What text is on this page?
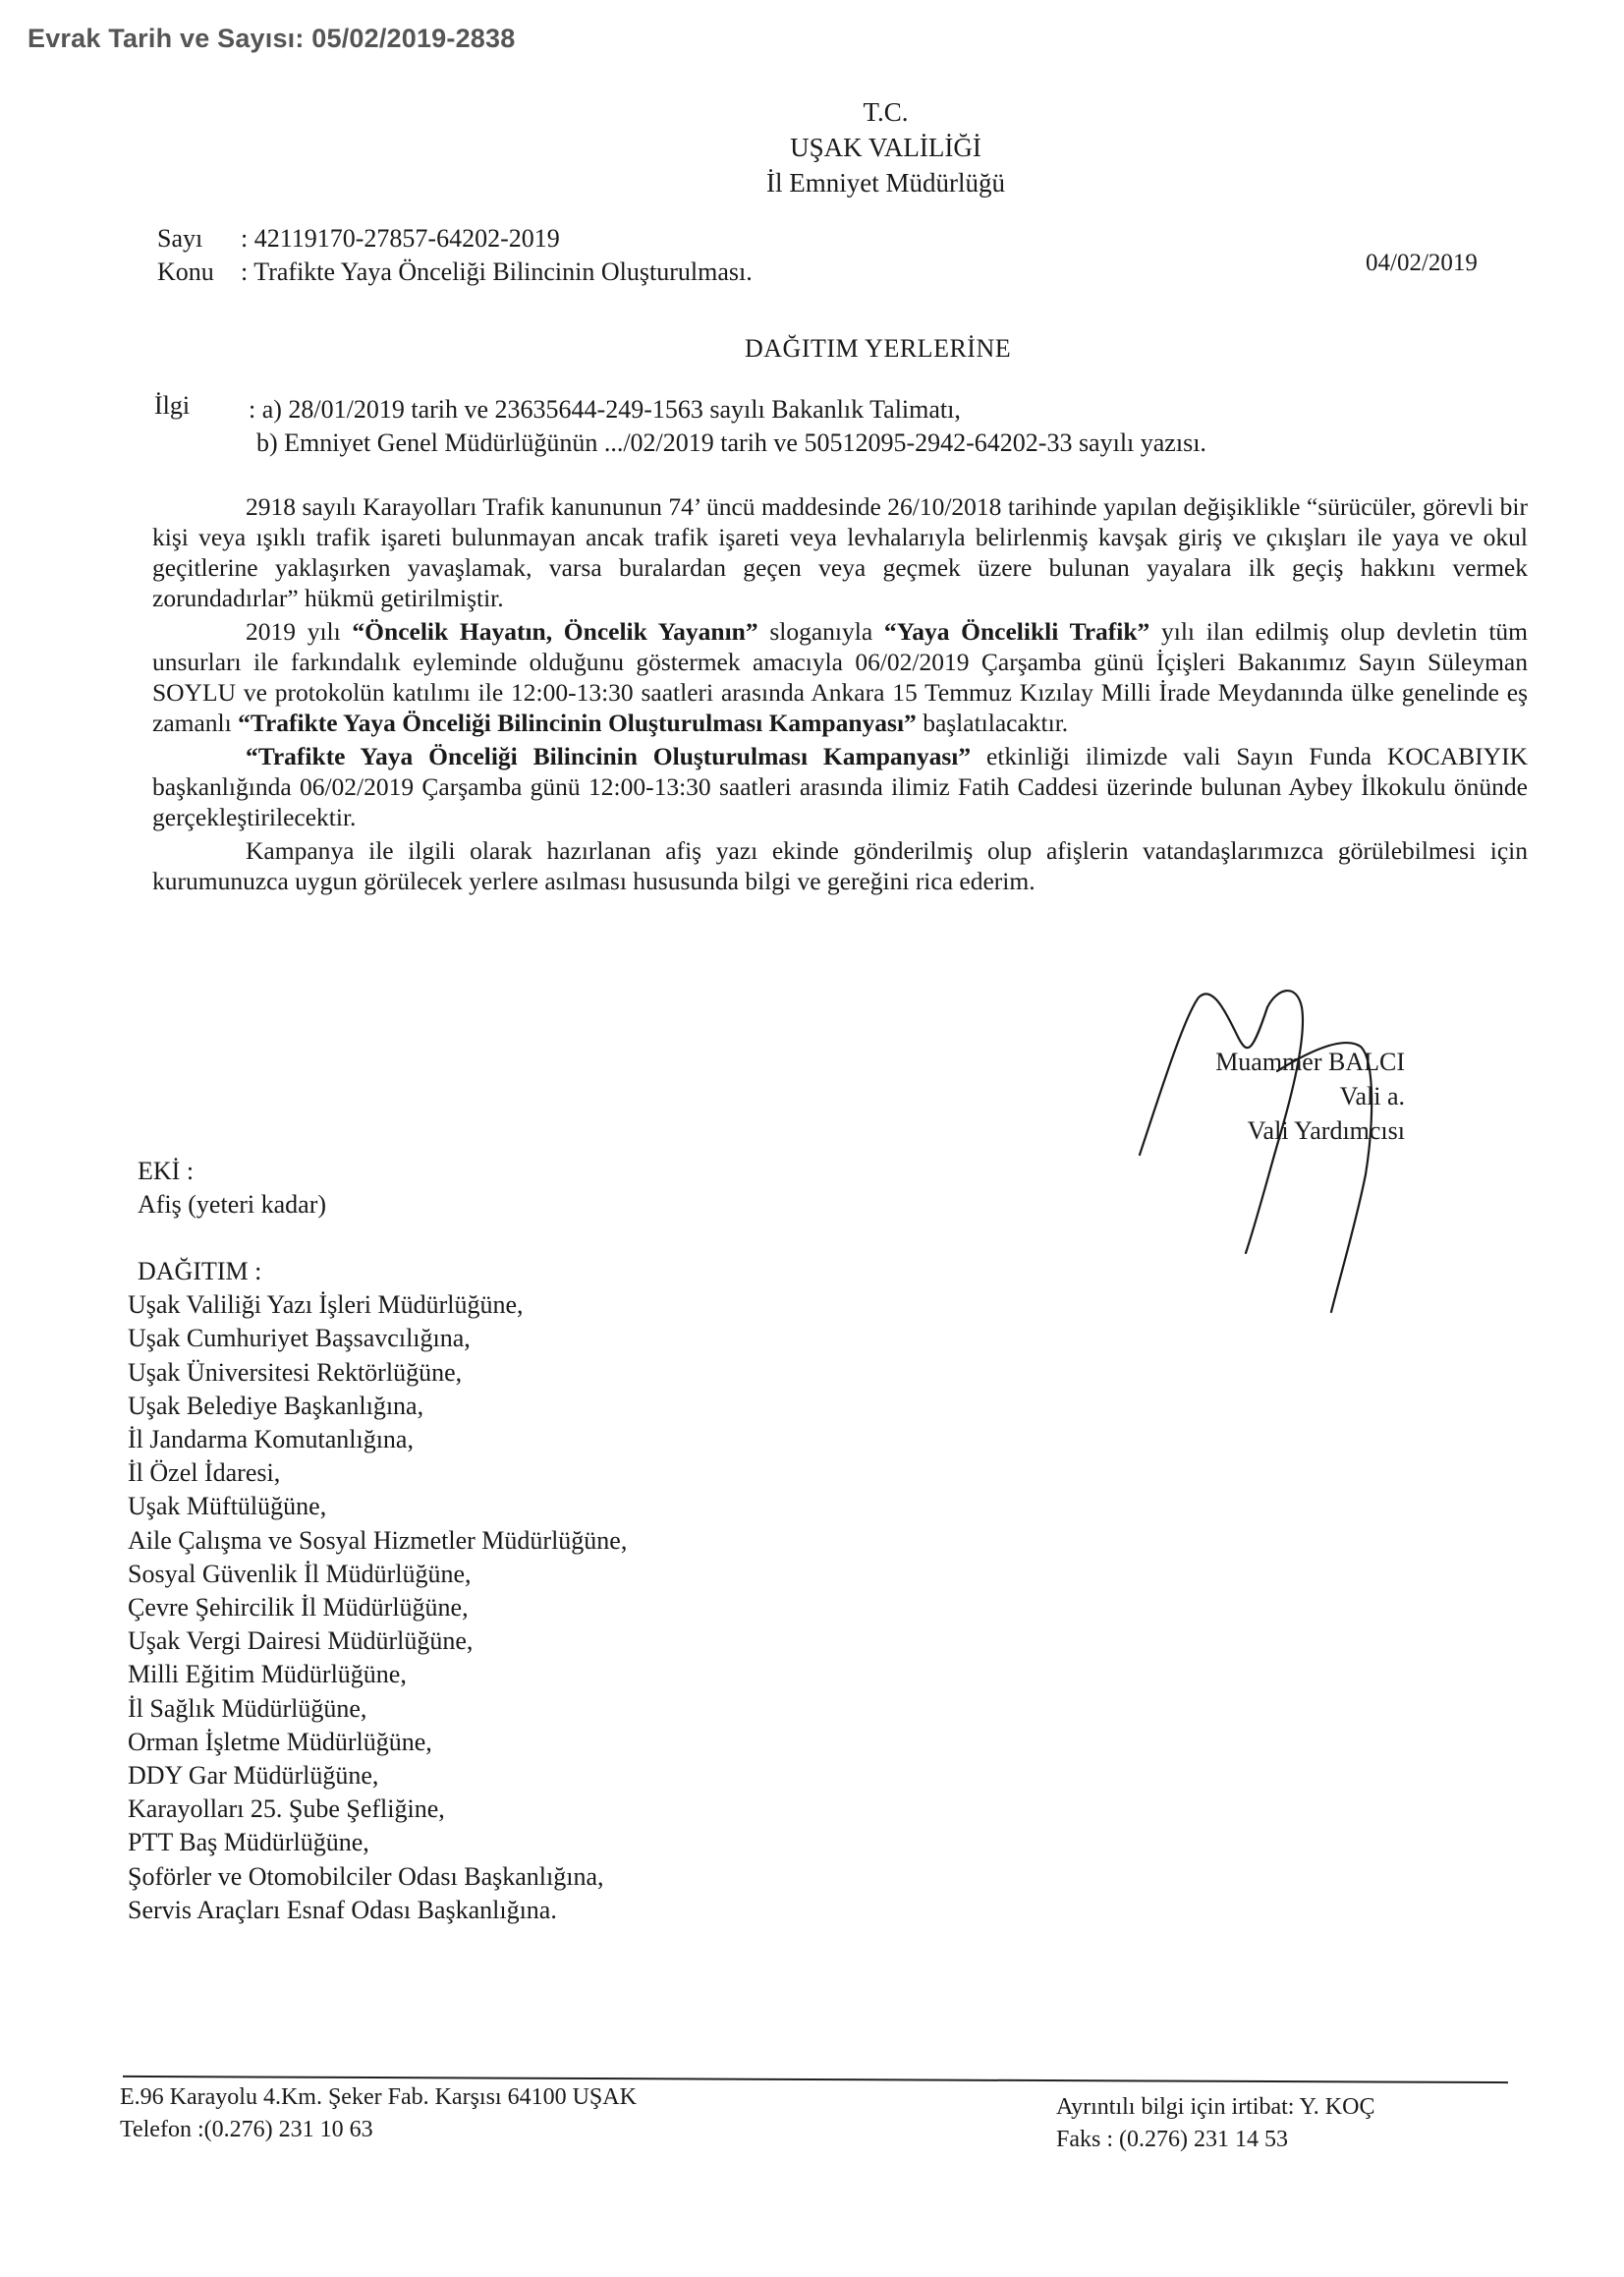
Evrak Tarih ve Sayısı: 05/02/2019-2838
T.C.
UŞAK VALİLİĞİ
İl Emniyet Müdürlüğü
Sayı : 42119170-27857-64202-2019
Konu : Trafikte Yaya Önceliği Bilincinin Oluşturulması.	04/02/2019
DAĞITIM YERLERİNE
İlgi : a) 28/01/2019 tarih ve 23635644-249-1563 sayılı Bakanlık Talimatı,
b) Emniyet Genel Müdürlüğünün .../02/2019 tarih ve 50512095-2942-64202-33 sayılı yazısı.

2918 sayılı Karayolları Trafik kanununun 74’ üncü maddesinde 26/10/2018 tarihinde yapılan değişiklikle “sürücüler, görevli bir kişi veya ışıklı trafik işareti bulunmayan ancak trafik işareti veya levhalarıyla belirlenmiş kavşak giriş ve çıkışları ile yaya ve okul geçitlerine yaklaşırken yavaşlamak, varsa buralardan geçen veya geçmek üzere bulunan yayalara ilk geçiş hakkını vermek zorundadırlar” hükmü getirilmiştir.

2019 yılı “Öncelik Hayatın, Öncelik Yayanın” sloganıyla “Yaya Öncelikli Trafik” yılı ilan edilmiş olup devletin tüm unsurları ile farkındalık eyleminde olduğunu göstermek amacıyla 06/02/2019 Çarşamba günü İçişleri Bakanımız Sayın Süleyman SOYLU ve protokolün katılımı ile 12:00-13:30 saatleri arasında Ankara 15 Temmuz Kızılay Milli İrade Meydanında ülke genelinde eş zamanlı “Trafikte Yaya Önceliği Bilincinin Oluşturulması Kampanyası” başlatılacaktır.

“Trafikte Yaya Önceliği Bilincinin Oluşturulması Kampanyası” etkinliği ilimizde vali Sayın Funda KOCABIYIK başkanlığında 06/02/2019 Çarşamba günü 12:00-13:30 saatleri arasında ilimiz Fatih Caddesi üzerinde bulunan Aybey İlkokulu önünde gerçekleştirilecektir.

Kampanya ile ilgili olarak hazırlanan afiş yazı ekinde gönderilmiş olup afişlerin vatandaşlarımızca görülebilmesi için kurumunuzca uygun görülecek yerlere asılması hususunda bilgi ve gereğini rica ederim.

Muammer BALCI
Vali a.
Vali Yardımcısı
EKİ :
Afiş (yeteri kadar)
DAĞITIM :
Uşak Valiliği Yazı İşleri Müdürlüğüne,
Uşak Cumhuriyet Başsavcılığına,
Uşak Üniversitesi Rektörlüğüne,
Uşak Belediye Başkanlığına,
İl Jandarma Komutanlığına,
İl Özel İdaresi,
Uşak Müftülüğüne,
Aile Çalışma ve Sosyal Hizmetler Müdürlüğüne,
Sosyal Güvenlik İl Müdürlüğüne,
Çevre Şehircilik İl Müdürlüğüne,
Uşak Vergi Dairesi Müdürlüğüne,
Milli Eğitim Müdürlüğüne,
İl Sağlık Müdürlüğüne,
Orman İşletme Müdürlüğüne,
DDY Gar Müdürlüğüne,
Karayolları 25. Şube Şefliğine,
PTT Baş Müdürlüğüne,
Şoförler ve Otomobilciler Odası Başkanlığına,
Servis Araçları Esnaf Odası Başkanlığına.
E.96 Karayolu 4.Km. Şeker Fab. Karşısı 64100 UŞAK
Telefon :(0.276) 231 10 63
Ayrıntılı bilgi için irtibat: Y. KOÇ
Faks : (0.276) 231 14 53
